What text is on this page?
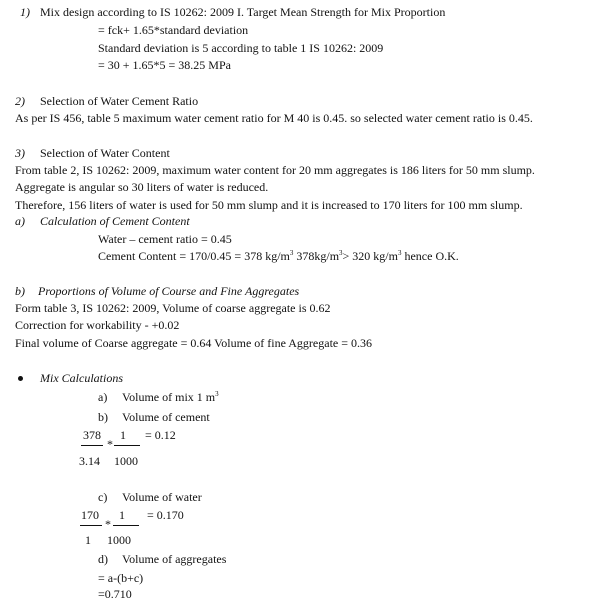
1) Mix design according to IS 10262: 2009 I. Target Mean Strength for Mix Proportion
= fck+ 1.65*standard deviation
Standard deviation is 5 according to table 1 IS 10262: 2009
= 30 + 1.65*5 = 38.25 MPa
2) Selection of Water Cement Ratio
As per IS 456, table 5 maximum water cement ratio for M 40 is 0.45. so selected water cement ratio is 0.45.
3) Selection of Water Content
From table 2, IS 10262: 2009, maximum water content for 20 mm aggregates is 186 liters for 50 mm slump.
Aggregate is angular so 30 liters of water is reduced.
Therefore, 156 liters of water is used for 50 mm slump and it is increased to 170 liters for 100 mm slump.
a) Calculation of Cement Content
Water – cement ratio = 0.45
Cement Content = 170/0.45 = 378 $kg/m^3$ $378kg/m^3> 320$ $kg/m^3$ hence O.K.
b) Proportions of Volume of Course and Fine Aggregates
Form table 3, IS 10262: 2009, Volume of coarse aggregate is 0.62
Correction for workability - +0.02
Final volume of Coarse aggregate = 0.64 Volume of fine Aggregate = 0.36
Mix Calculations
a) Volume of mix 1 $m^3$
b) Volume of cement
378 1 = 0.12
*
3.14 1000
c) Volume of water
170 1 = 0.170
*
1 1000
d) Volume of aggregates
= a-(b+c)
=0.710
